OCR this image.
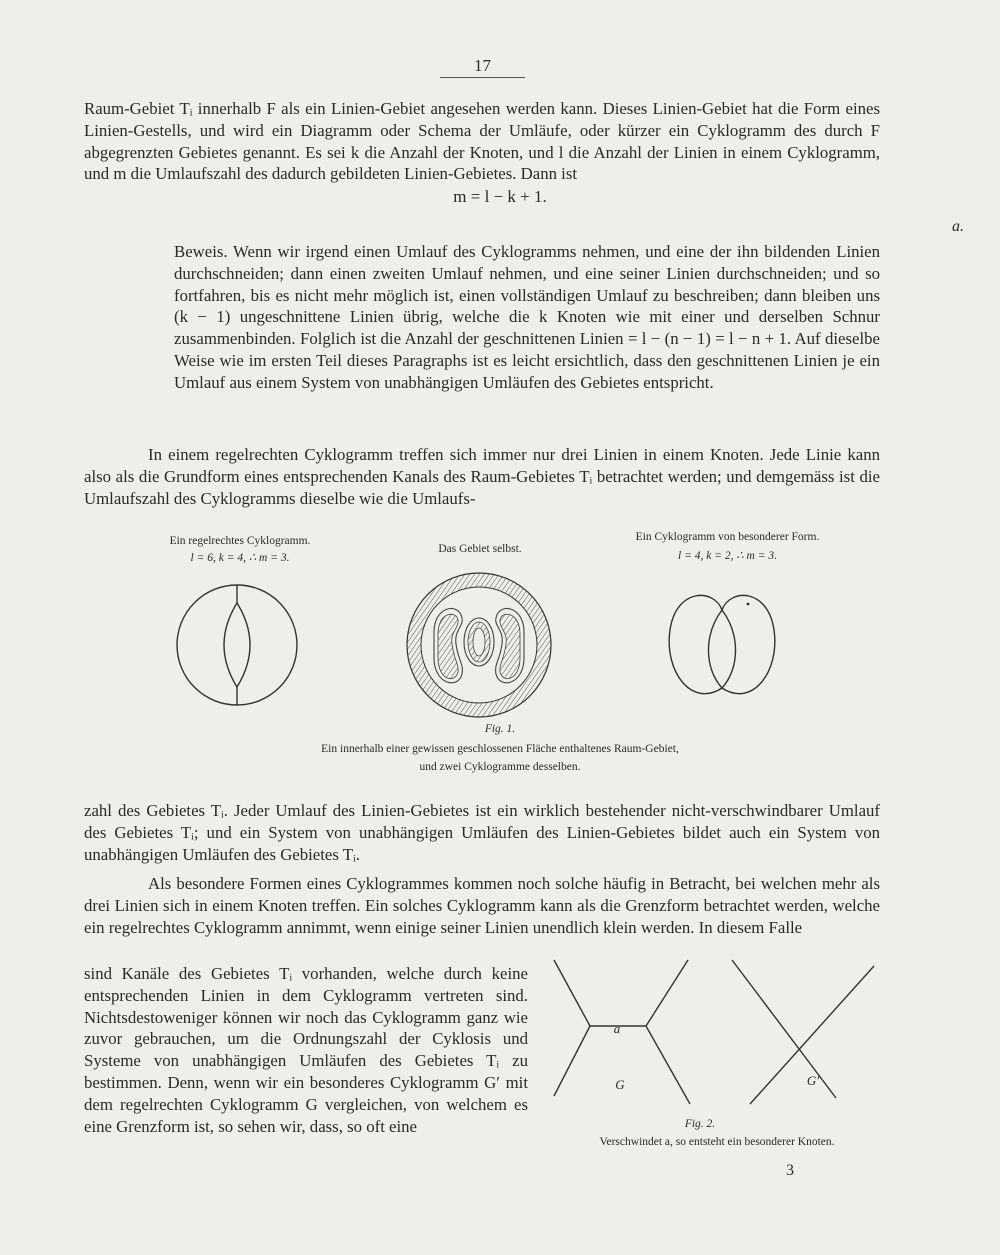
17

Raum-Gebiet Tᵢ innerhalb F als ein Linien-Gebiet angesehen werden kann. Dieses Linien-Gebiet hat die Form eines Linien-Gestells, und wird ein Diagramm oder Schema der Umläufe, oder kürzer ein Cyklogramm des durch F abgegrenzten Gebietes genannt. Es sei k die Anzahl der Knoten, und l die Anzahl der Linien in einem Cyklogramm, und m die Umlaufszahl des dadurch gebildeten Linien-Gebietes. Dann ist

m = l − k + 1.
a.

Beweis. Wenn wir irgend einen Umlauf des Cyklogramms nehmen, und eine der ihn bildenden Linien durchschneiden; dann einen zweiten Umlauf nehmen, und eine seiner Linien durchschneiden; und so fortfahren, bis es nicht mehr möglich ist, einen vollständigen Umlauf zu beschreiben; dann bleiben uns (k − 1) ungeschnittene Linien übrig, welche die k Knoten wie mit einer und derselben Schnur zusammenbinden. Folglich ist die Anzahl der geschnittenen Linien = l − (n − 1) = l − n + 1. Auf dieselbe Weise wie im ersten Teil dieses Paragraphs ist es leicht ersichtlich, dass den geschnittenen Linien je ein Umlauf aus einem System von unabhängigen Umläufen des Gebietes entspricht.

In einem regelrechten Cyklogramm treffen sich immer nur drei Linien in einem Knoten. Jede Linie kann also als die Grundform eines entsprechenden Kanals des Raum-Gebietes Tᵢ betrachtet werden; und demgemäss ist die Umlaufszahl des Cyklogramms dieselbe wie die Umlaufs-

Ein regelrechtes Cyklogramm.
l = 6, k = 4, ∴ m = 3.
Das Gebiet selbst.
Ein Cyklogramm von besonderer Form.
l = 4, k = 2, ∴ m = 3.
Fig. 1.
Ein innerhalb einer gewissen geschlossenen Fläche enthaltenes Raum-Gebiet,
und zwei Cyklogramme desselben.

zahl des Gebietes Tᵢ. Jeder Umlauf des Linien-Gebietes ist ein wirklich bestehender nicht-verschwindbarer Umlauf des Gebietes Tᵢ; und ein System von unabhängigen Umläufen des Linien-Gebietes bildet auch ein System von unabhängigen Umläufen des Gebietes Tᵢ.

Als besondere Formen eines Cyklogrammes kommen noch solche häufig in Betracht, bei welchen mehr als drei Linien sich in einem Knoten treffen. Ein solches Cyklogramm kann als die Grenzform betrachtet werden, welche ein regelrechtes Cyklogramm annimmt, wenn einige seiner Linien unendlich klein werden. In diesem Falle

sind Kanäle des Gebietes Tᵢ vorhanden, welche durch keine entsprechenden Linien in dem Cyklogramm vertreten sind. Nichtsdestoweniger können wir noch das Cyklogramm ganz wie zuvor gebrauchen, um die Ordnungszahl der Cyklosis und Systeme von unabhängigen Umläufen des Gebietes Tᵢ zu bestimmen. Denn, wenn wir ein besonderes Cyklogramm G′ mit dem regelrechten Cyklogramm G vergleichen, von welchem es eine Grenzform ist, so sehen wir, dass, so oft eine

a
G	G′
Fig. 2.
Verschwindet a, so entsteht ein besonderer Knoten.
3
